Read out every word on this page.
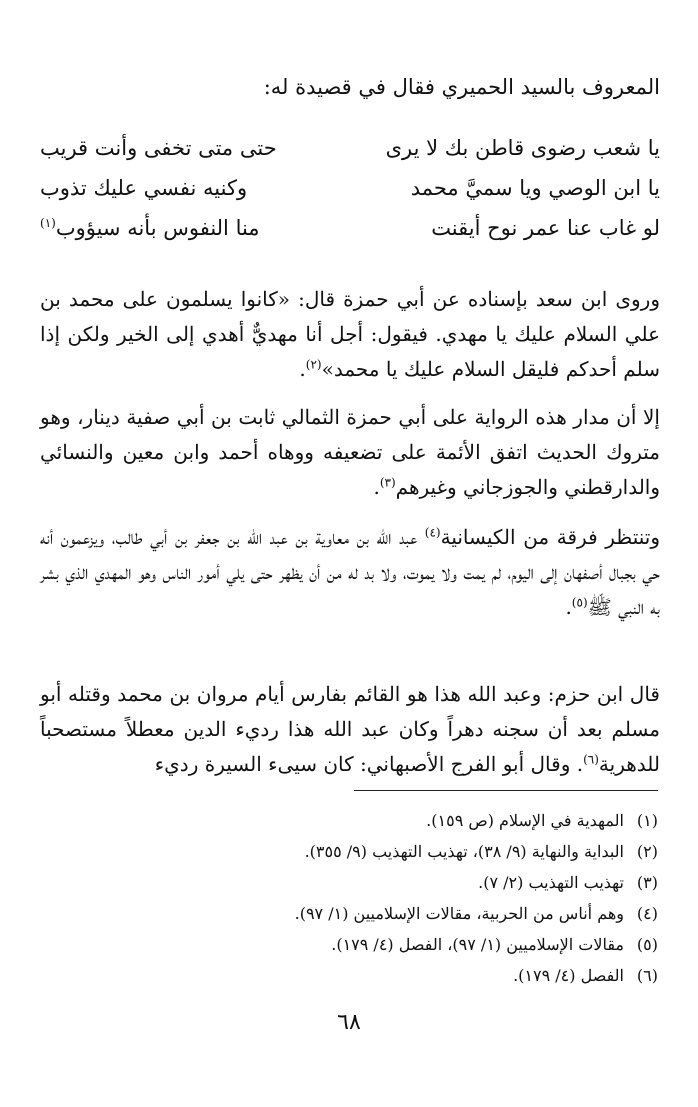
المعروف بالسيد الحميري فقال في قصيدة له:
يا شعب رضوى قاطن بك لا يرى
حتى متى تخفى وأنت قريب
يا ابن الوصي ويا سميَّ محمد
وكنيه نفسي عليك تذوب
لو غاب عنا عمر نوح أيقنت
منا النفوس بأنه سيؤوب$^{(١)}$

وروى ابن سعد بإسناده عن أبي حمزة قال: «كانوا يسلمون على محمد بن علي السلام عليك يا مهدي. فيقول: أجل أنا مهديٌّ أهدي إلى الخير ولكن إذا سلم أحدكم فليقل السلام عليك يا محمد»$^{(٢)}$.

إلا أن مدار هذه الرواية على أبي حمزة الثمالي ثابت بن أبي صفية دينار، وهو متروك الحديث اتفق الأئمة على تضعيفه ووهاه أحمد وابن معين والنسائي والدارقطني والجوزجاني وغيرهم$^{(٣)}$.

وتنتظر فرقة من الكيسانية$^{(٤)}$ عبد الله بن معاوية بن عبد الله بن جعفر بن أبي طالب، ويزعمون أنه حي بجبال أصفهان إلى اليوم، لم يمت ولا يموت، ولا بد له من أن يظهر حتى يلي أمور الناس وهو المهدي الذي بشر به النبي ﷺ$^{(٥)}$.

قال ابن حزم: وعبد الله هذا هو القائم بفارس أيام مروان بن محمد وقتله أبو مسلم بعد أن سجنه دهراً وكان عبد الله هذا رديء الدين معطلاً مستصحباً للدهرية$^{(٦)}$. وقال أبو الفرج الأصبهاني: كان سيىء السيرة رديء

(١)المهدية في الإسلام (ص ١٥٩).
(٢)البداية والنهاية (٩/ ٣٨)، تهذيب التهذيب (٩/ ٣٥٥).
(٣)تهذيب التهذيب (٢/ ٧).
(٤)وهم أناس من الحربية، مقالات الإسلاميين (١/ ٩٧).
(٥)مقالات الإسلاميين (١/ ٩٧)، الفصل (٤/ ١٧٩).
(٦)الفصل (٤/ ١٧٩).
٦٨
